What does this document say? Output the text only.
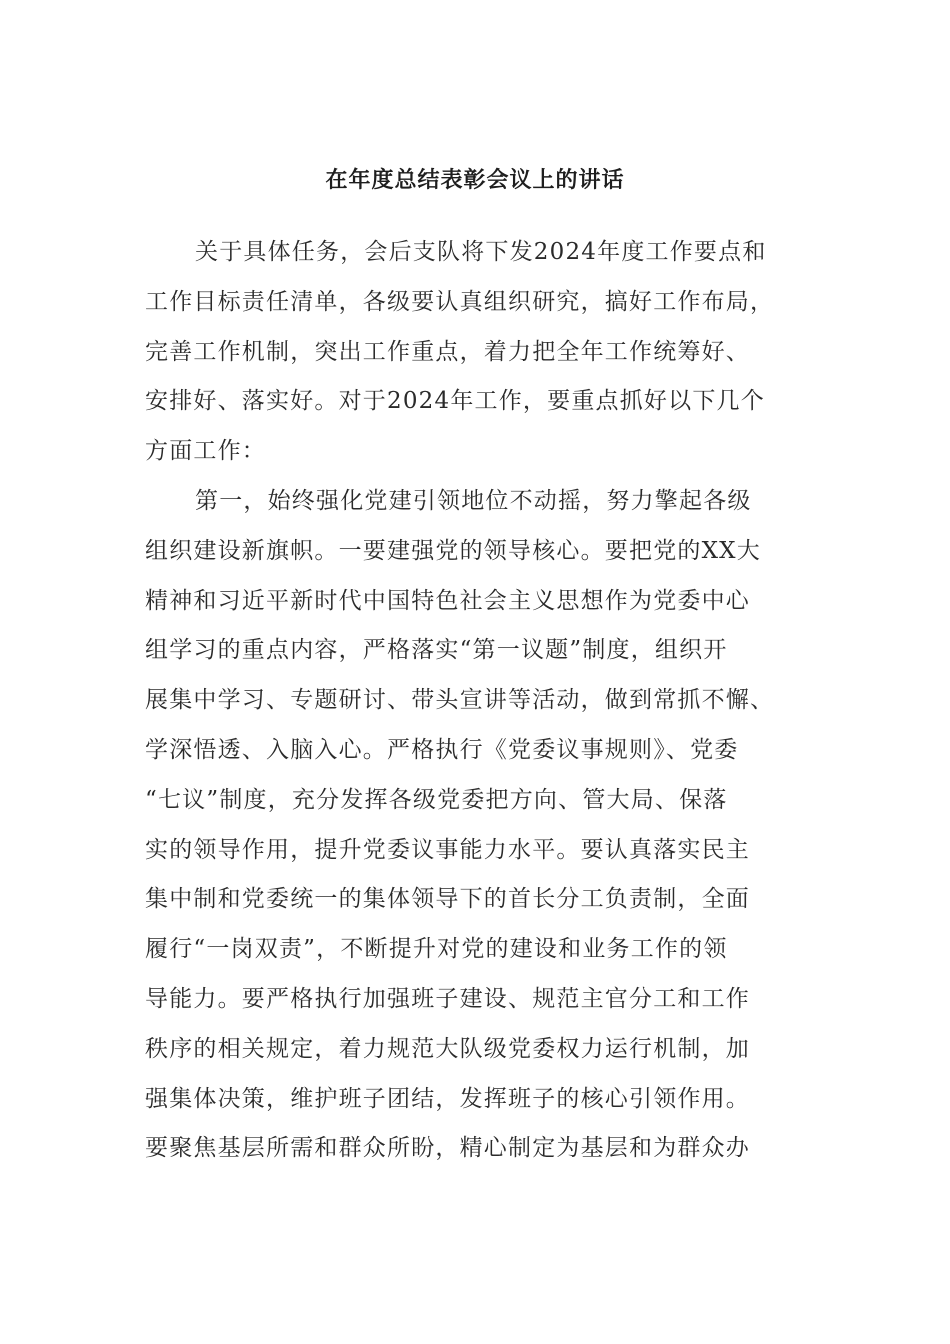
在年度总结表彰会议上的讲话
关于具体任务，会后支队将下发2024年度工作要点和
工作目标责任清单，各级要认真组织研究，搞好工作布局，
完善工作机制，突出工作重点，着力把全年工作统筹好、
安排好、落实好。对于2024年工作，要重点抓好以下几个
方面工作：
第一，始终强化党建引领地位不动摇，努力擎起各级
组织建设新旗帜。一要建强党的领导核心。要把党的XX大
精神和习近平新时代中国特色社会主义思想作为党委中心
组学习的重点内容，严格落实“第一议题”制度，组织开
展集中学习、专题研讨、带头宣讲等活动，做到常抓不懈、
学深悟透、入脑入心。严格执行《党委议事规则》、党委
“七议”制度，充分发挥各级党委把方向、管大局、保落
实的领导作用，提升党委议事能力水平。要认真落实民主
集中制和党委统一的集体领导下的首长分工负责制，全面
履行“一岗双责”，不断提升对党的建设和业务工作的领
导能力。要严格执行加强班子建设、规范主官分工和工作
秩序的相关规定，着力规范大队级党委权力运行机制，加
强集体决策，维护班子团结，发挥班子的核心引领作用。
要聚焦基层所需和群众所盼，精心制定为基层和为群众办
